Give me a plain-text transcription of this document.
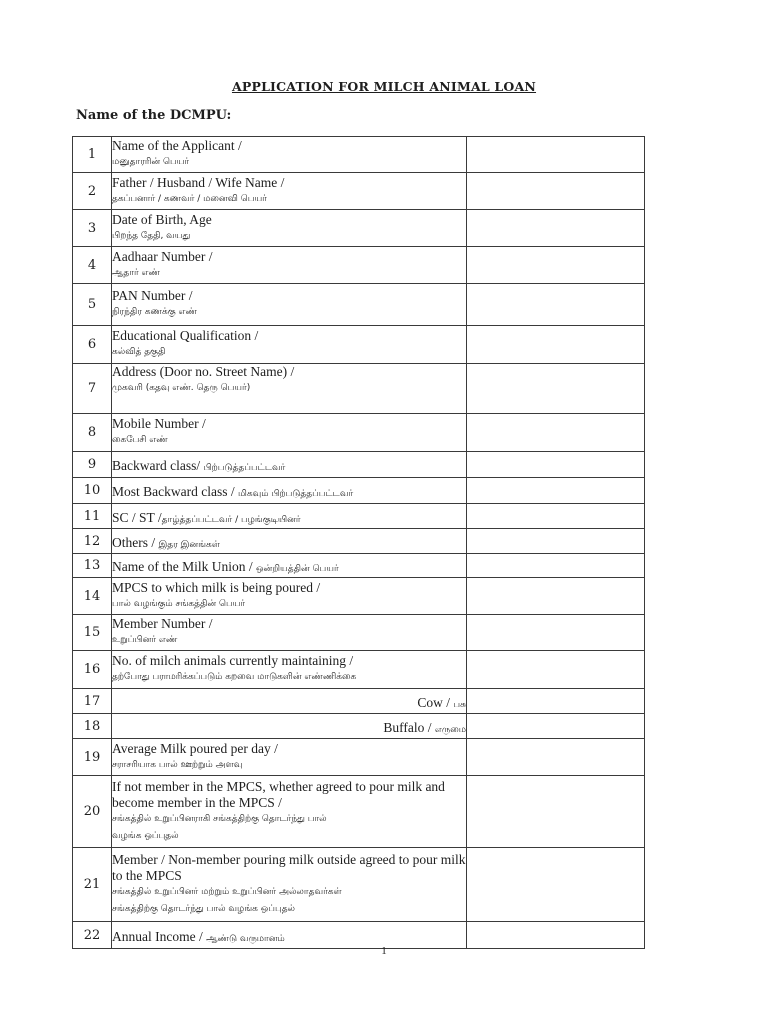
APPLICATION FOR MILCH ANIMAL LOAN
Name of the DCMPU:
1	Name of the Applicant /
மனுதாரரின் பெயர்	

2	Father / Husband / Wife Name /
தகப்பனார் / கணவர் / மனைவி பெயர்	

3	Date of Birth, Age
பிறந்த தேதி, வயது	

4	Aadhaar Number /
ஆதார் எண்	

5	PAN Number /
நிரந்திர கணக்கு எண்	

6	Educational Qualification /
கல்வித் தகுதி	

7	Address (Door no. Street Name) /
முகவரி (கதவு எண். தெரு பெயர்)	

8	Mobile Number /
கைபேசி எண்	

9	Backward class/ பிற்படுத்தப்பட்டவர்	
10	Most Backward class / மிகவும் பிற்படுத்தப்பட்டவர்	
11	SC / ST /தாழ்த்தப்பட்டவர் / பழங்குடியினர்	
12	Others / இதர இனங்கள்	
13	Name of the Milk Union / ஒன்றியத்தின் பெயர்	
14	MPCS to which milk is being poured /
பால் வழங்கும் சங்கத்தின் பெயர்	

15	Member Number /
உறுப்பினர் எண்	

16	No. of milch animals currently maintaining /
தற்போது பராமரிக்கப்படும் கறவை மாடுகளின் எண்ணிக்கை	

17	Cow / பசு	
18	Buffalo / எருமை	
19	Average Milk poured per day /
சராசரியாக பால் ஊற்றும் அளவு	

20	If not member in the MPCS, whether agreed to pour milk and become member in the MPCS /
சங்கத்தில் உறுப்பினராகி சங்கத்திற்கு தொடர்ந்து பால்
வழங்க ஒப்புதல்	

21	Member / Non-member pouring milk outside agreed to pour milk to the MPCS
சங்கத்தில் உறுப்பினர் மற்றும் உறுப்பினர் அல்லாதவர்கள்
சங்கத்திற்கு தொடர்ந்து பால் வழங்க ஒப்புதல்	

22	Annual Income / ஆண்டு வருமானம்	
1
